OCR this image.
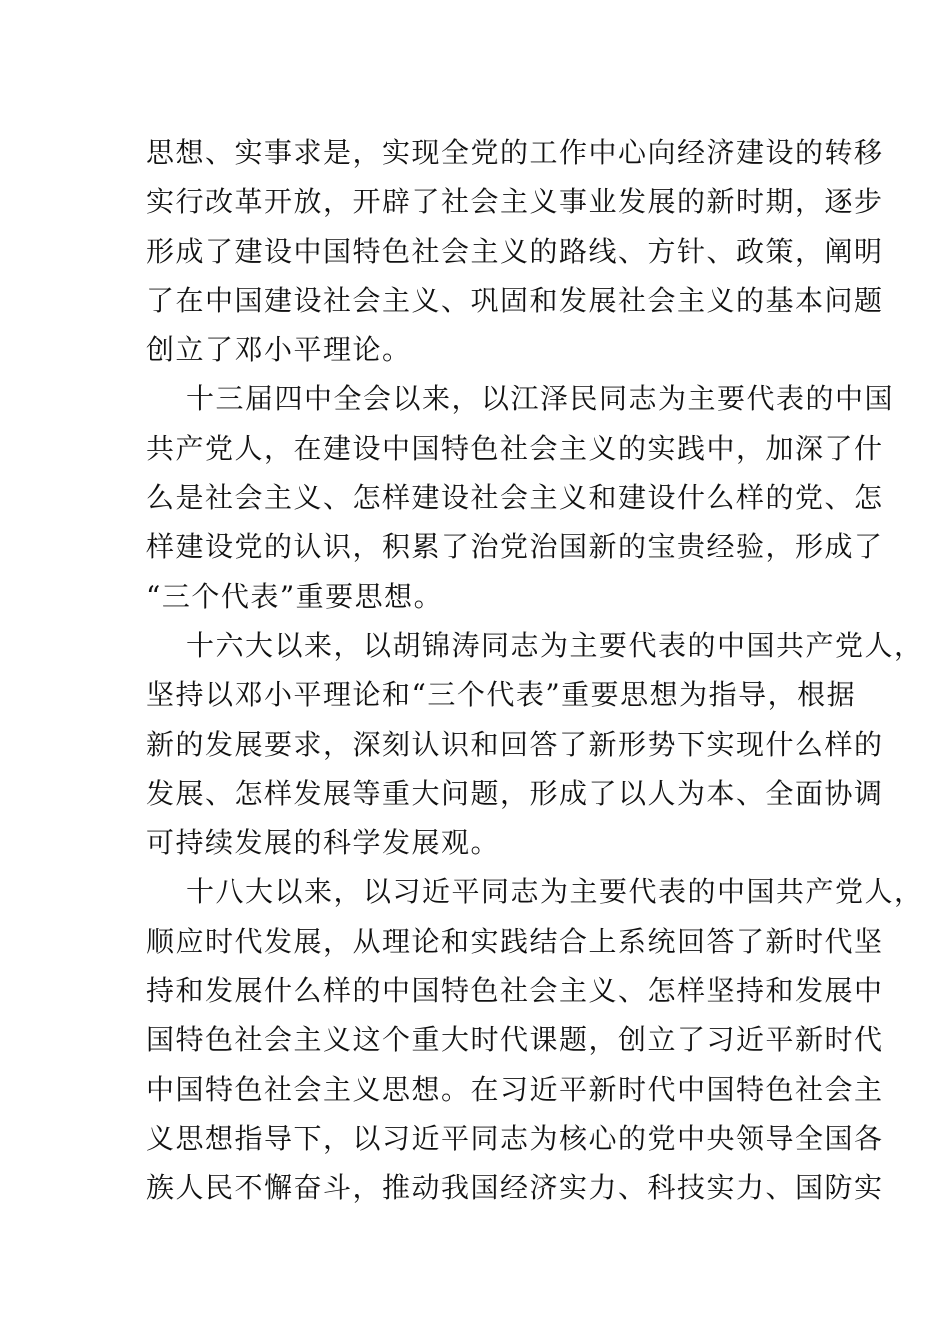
思想、实事求是，实现全党的工作中心向经济建设的转移
实行改革开放，开辟了社会主义事业发展的新时期，逐步
形成了建设中国特色社会主义的路线、方针、政策，阐明
了在中国建设社会主义、巩固和发展社会主义的基本问题
创立了邓小平理论。

十三届四中全会以来，以江泽民同志为主要代表的中国
共产党人，在建设中国特色社会主义的实践中，加深了什
么是社会主义、怎样建设社会主义和建设什么样的党、怎
样建设党的认识，积累了治党治国新的宝贵经验，形成了
“三个代表”重要思想。

十六大以来，以胡锦涛同志为主要代表的中国共产党人，
坚持以邓小平理论和“三个代表”重要思想为指导，根据
新的发展要求，深刻认识和回答了新形势下实现什么样的
发展、怎样发展等重大问题，形成了以人为本、全面协调
可持续发展的科学发展观。

十八大以来，以习近平同志为主要代表的中国共产党人，
顺应时代发展，从理论和实践结合上系统回答了新时代坚
持和发展什么样的中国特色社会主义、怎样坚持和发展中
国特色社会主义这个重大时代课题，创立了习近平新时代
中国特色社会主义思想。在习近平新时代中国特色社会主
义思想指导下，以习近平同志为核心的党中央领导全国各
族人民不懈奋斗，推动我国经济实力、科技实力、国防实
